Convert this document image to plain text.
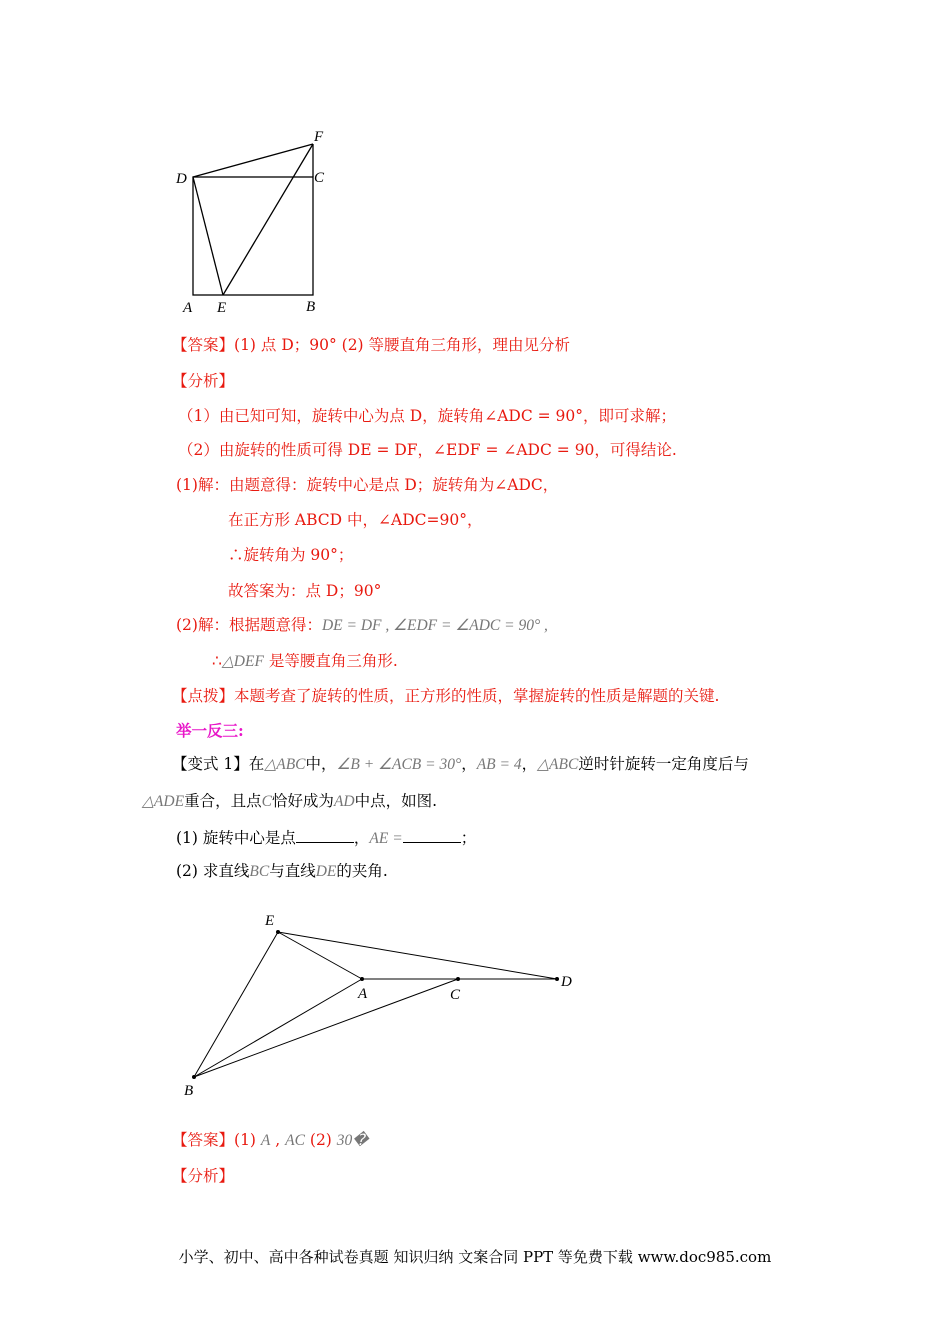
F
D	C
A E	B
【答案】(1) 点 D；90° (2) 等腰直角三角形，理由见分析
【分析】
（1）由已知可知，旋转中心为点 D，旋转角∠ADC = 90°，即可求解；
（2）由旋转的性质可得 DE = DF，∠EDF = ∠ADC = 90，可得结论.
(1)解：由题意得：旋转中心是点 D；旋转角为∠ADC，
在正方形 ABCD 中，∠ADC=90°，
∴旋转角为 90°；
故答案为：点 D；90°
(2)解：根据题意得：DE = DF , ∠EDF = ∠ADC = 90° ,
∴△DEF 是等腰直角三角形.
【点拨】本题考查了旋转的性质，正方形的性质，掌握旋转的性质是解题的关键.
举一反三:
【变式 1】在△ABC中，∠B + ∠ACB = 30°，AB = 4，△ABC逆时针旋转一定角度后与
△ADE重合，且点C恰好成为AD中点，如图.
(1) 旋转中心是点	，AE =	；
(2) 求直线BC与直线DE的夹角.
E
A	C
D
B
【答案】(1) A , AC (2) 30�
【分析】
小学、初中、高中各种试卷真题 知识归纳 文案合同 PPT 等免费下载 www.doc985.com
